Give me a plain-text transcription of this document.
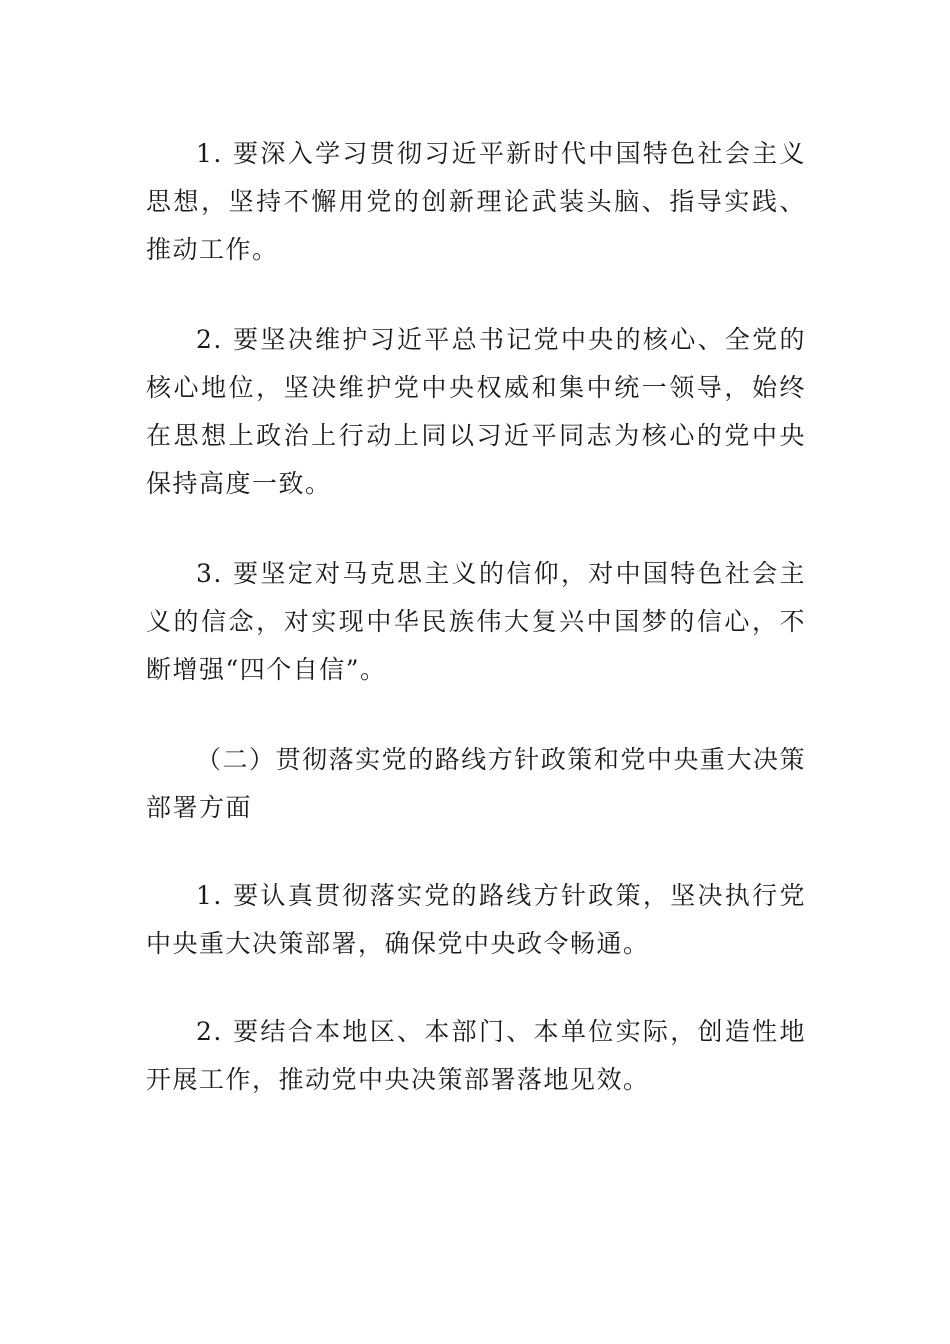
1. 要深入学习贯彻习近平新时代中国特色社会主义思想，坚持不懈用党的创新理论武装头脑、指导实践、推动工作。

2. 要坚决维护习近平总书记党中央的核心、全党的核心地位，坚决维护党中央权威和集中统一领导，始终在思想上政治上行动上同以习近平同志为核心的党中央保持高度一致。

3. 要坚定对马克思主义的信仰，对中国特色社会主义的信念，对实现中华民族伟大复兴中国梦的信心，不断增强“四个自信”。

（二）贯彻落实党的路线方针政策和党中央重大决策部署方面

1. 要认真贯彻落实党的路线方针政策，坚决执行党中央重大决策部署，确保党中央政令畅通。

2. 要结合本地区、本部门、本单位实际，创造性地开展工作，推动党中央决策部署落地见效。
